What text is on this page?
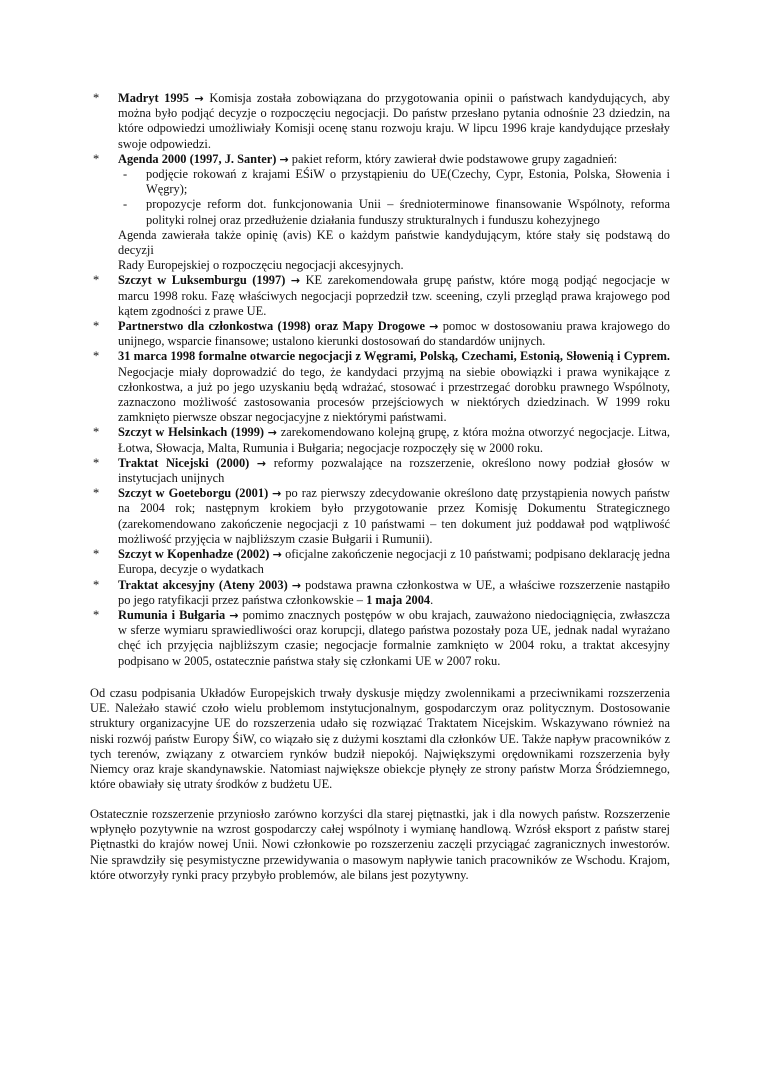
* Madryt 1995 → Komisja została zobowiązana do przygotowania opinii o państwach kandydujących, aby można było podjąć decyzje o rozpoczęciu negocjacji. Do państw przesłano pytania odnośnie 23 dziedzin, na które odpowiedzi umożliwiały Komisji ocenę stanu rozwoju kraju. W lipcu 1996 kraje kandydujące przesłały swoje odpowiedzi.
* Agenda 2000 (1997, J. Santer) → pakiet reform, który zawierał dwie podstawowe grupy zagadnień:
- podjęcie rokowań z krajami EŚiW o przystąpieniu do UE(Czechy, Cypr, Estonia, Polska, Słowenia i Węgry);
- propozycje reform dot. funkcjonowania Unii – średnioterminowe finansowanie Wspólnoty, reforma polityki rolnej oraz przedłużenie działania funduszy strukturalnych i funduszu kohezyjnego
Agenda zawierała także opinię (avis) KE o każdym państwie kandydującym, które stały się podstawą do decyzji
Rady Europejskiej o rozpoczęciu negocjacji akcesyjnych.
* Szczyt w Luksemburgu (1997) → KE zarekomendowała grupę państw, które mogą podjąć negocjacje w marcu 1998 roku. Fazę właściwych negocjacji poprzedził tzw. sceening, czyli przegląd prawa krajowego pod kątem zgodności z prawe UE.
* Partnerstwo dla członkostwa (1998) oraz Mapy Drogowe → pomoc w dostosowaniu prawa krajowego do unijnego, wsparcie finansowe; ustalono kierunki dostosowań do standardów unijnych.
* 31 marca 1998 formalne otwarcie negocjacji z Węgrami, Polską, Czechami, Estonią, Słowenią i Cyprem. Negocjacje miały doprowadzić do tego, że kandydaci przyjmą na siebie obowiązki i prawa wynikające z członkostwa, a już po jego uzyskaniu będą wdrażać, stosować i przestrzegać dorobku prawnego Wspólnoty, zaznaczono możliwość zastosowania procesów przejściowych w niektórych dziedzinach. W 1999 roku zamknięto pierwsze obszar negocjacyjne z niektórymi państwami.
* Szczyt w Helsinkach (1999) → zarekomendowano kolejną grupę, z która można otworzyć negocjacje. Litwa, Łotwa, Słowacja, Malta, Rumunia i Bułgaria; negocjacje rozpoczęły się w 2000 roku.
* Traktat Nicejski (2000) → reformy pozwalające na rozszerzenie, określono nowy podział głosów w instytucjach unijnych
* Szczyt w Goeteborgu (2001) → po raz pierwszy zdecydowanie określono datę przystąpienia nowych państw na 2004 rok; następnym krokiem było przygotowanie przez Komisję Dokumentu Strategicznego (zarekomendowano zakończenie negocjacji z 10 państwami – ten dokument już poddawał pod wątpliwość możliwość przyjęcia w najbliższym czasie Bułgarii i Rumunii).
* Szczyt w Kopenhadze (2002) → oficjalne zakończenie negocjacji z 10 państwami; podpisano deklarację jedna Europa, decyzje o wydatkach
* Traktat akcesyjny (Ateny 2003) → podstawa prawna członkostwa w UE, a właściwe rozszerzenie nastąpiło po jego ratyfikacji przez państwa członkowskie – 1 maja 2004.
* Rumunia i Bułgaria → pomimo znacznych postępów w obu krajach, zauważono niedociągnięcia, zwłaszcza w sferze wymiaru sprawiedliwości oraz korupcji, dlatego państwa pozostały poza UE, jednak nadal wyrażano chęć ich przyjęcia najbliższym czasie; negocjacje formalnie zamknięto w 2004 roku, a traktat akcesyjny podpisano w 2005, ostatecznie państwa stały się członkami UE w 2007 roku.

Od czasu podpisania Układów Europejskich trwały dyskusje między zwolennikami a przeciwnikami rozszerzenia UE. Należało stawić czoło wielu problemom instytucjonalnym, gospodarczym oraz politycznym. Dostosowanie struktury organizacyjne UE do rozszerzenia udało się rozwiązać Traktatem Nicejskim. Wskazywano również na niski rozwój państw Europy ŚiW, co wiązało się z dużymi kosztami dla członków UE. Także napływ pracowników z tych terenów, związany z otwarciem rynków budził niepokój. Największymi orędownikami rozszerzenia były Niemcy oraz kraje skandynawskie. Natomiast największe obiekcje płynęły ze strony państw Morza Śródziemnego, które obawiały się utraty środków z budżetu UE.

Ostatecznie rozszerzenie przyniosło zarówno korzyści dla starej piętnastki, jak i dla nowych państw. Rozszerzenie wpłynęło pozytywnie na wzrost gospodarczy całej wspólnoty i wymianę handlową. Wzrósł eksport z państw starej Piętnastki do krajów nowej Unii. Nowi członkowie po rozszerzeniu zaczęli przyciągać zagranicznych inwestorów. Nie sprawdziły się pesymistyczne przewidywania o masowym napływie tanich pracowników ze Wschodu. Krajom, które otworzyły rynki pracy przybyło problemów, ale bilans jest pozytywny.
